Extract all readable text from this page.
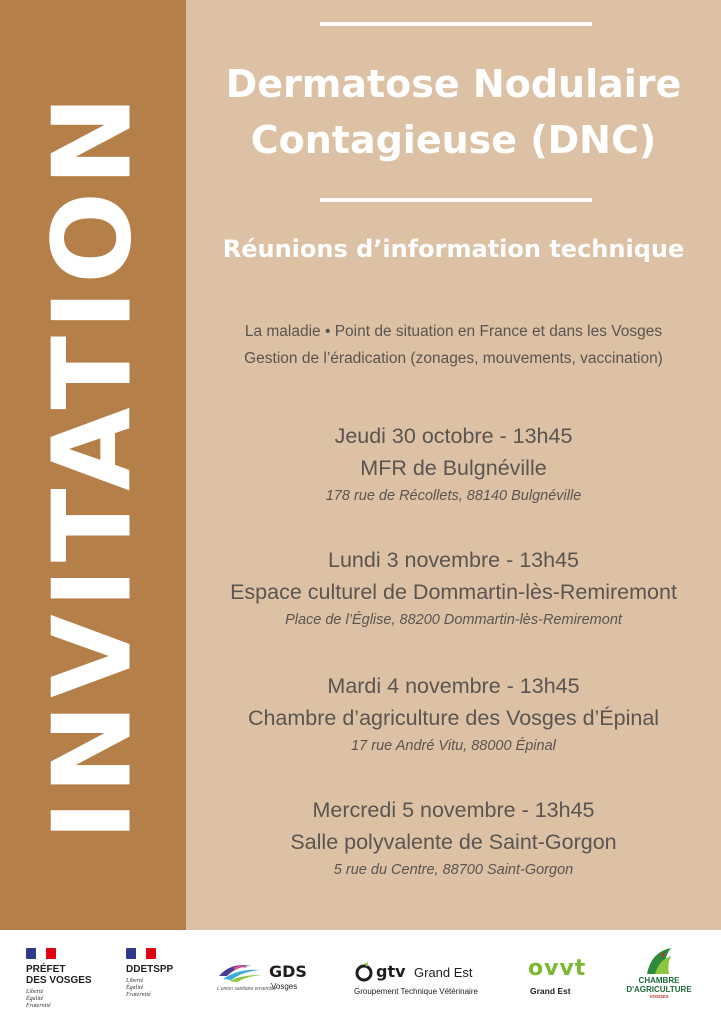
INVITATION
Dermatose Nodulaire
Contagieuse (DNC)
Réunions d’information technique
La maladie • Point de situation en France et dans les Vosges
Gestion de l’éradication (zonages, mouvements, vaccination)
Jeudi 30 octobre - 13h45
MFR de Bulgnéville
178 rue de Récollets, 88140 Bulgnéville
Lundi 3 novembre - 13h45
Espace culturel de Dommartin-lès-Remiremont
Place de l’Église, 88200 Dommartin-lès-Remiremont
Mardi 4 novembre - 13h45
Chambre d’agriculture des Vosges d’Épinal
17 rue André Vitu, 88000 Épinal
Mercredi 5 novembre - 13h45
Salle polyvalente de Saint-Gorgon
5 rue du Centre, 88700 Saint-Gorgon
PRÉFET
DES VOSGES
Liberté
Égalité
Fraternité
DDETSPP
Liberté
Égalité
Fraternité
GDS
Vosges
L'union sanitaire ensemble
gtv Grand Est
Groupement Technique Vétérinaire
ovvt
Grand Est
CHAMBRE
D'AGRICULTURE
VOSGES
